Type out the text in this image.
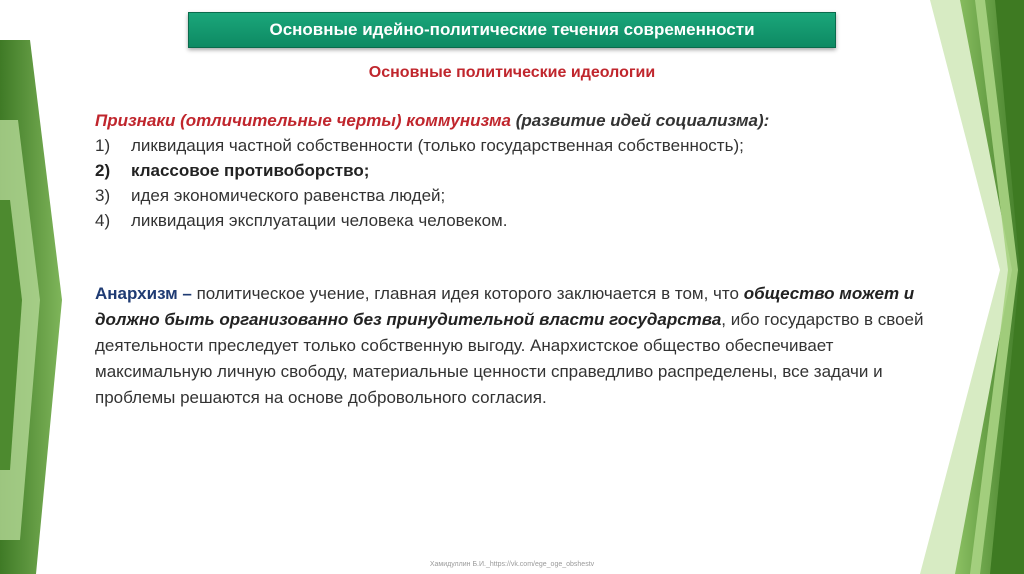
Основные идейно-политические течения современности
Основные политические идеологии
Признаки (отличительные черты) коммунизма (развитие идей социализма):
1)	ликвидация частной собственности (только государственная собственность);
2)	классовое противоборство;
3)	идея экономического равенства людей;
4)	ликвидация эксплуатации человека человеком.
Анархизм – политическое учение, главная идея которого заключается в том, что общество может и должно быть организованно без принудительной власти государства, ибо государство в своей деятельности преследует только собственную выгоду. Анархистское общество обеспечивает максимальную личную свободу, материальные ценности справедливо распределены, все задачи и проблемы решаются на основе добровольного согласия.
Хамидуллин Б.И._https://vk.com/ege_oge_obshestv
